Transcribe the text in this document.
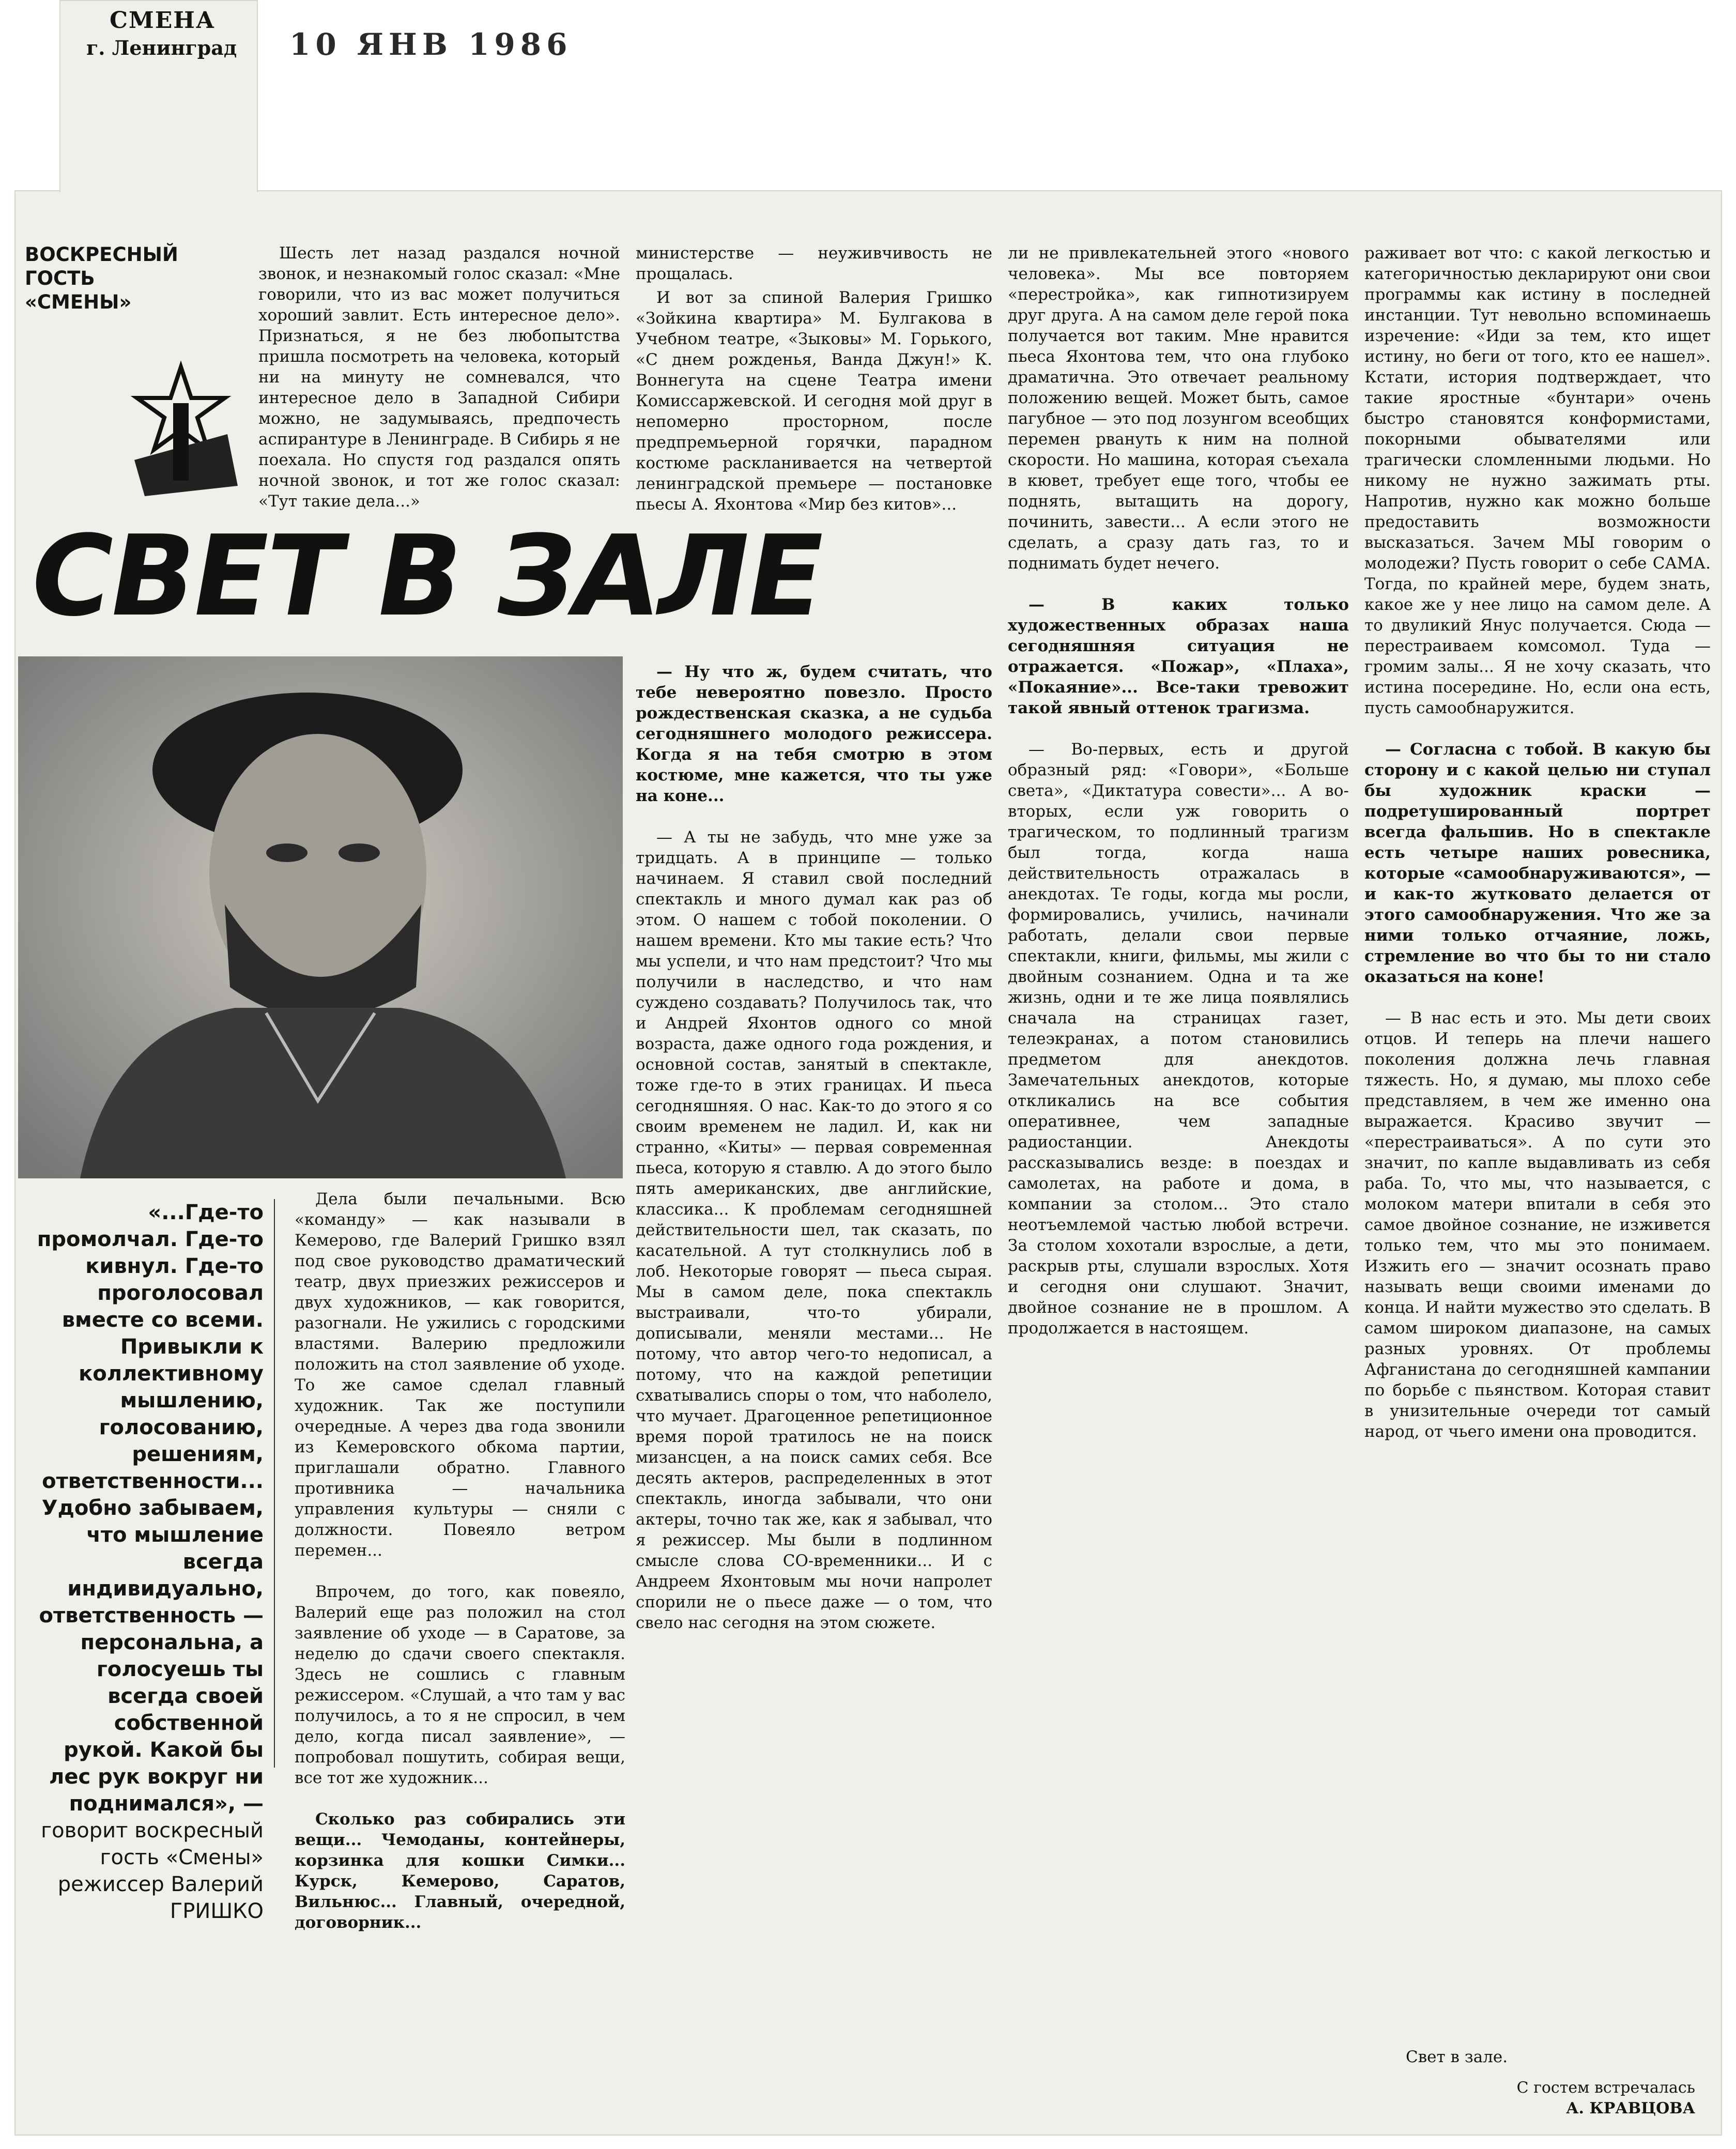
СМЕНА
г. Ленинград 10 ЯНВ 1986
ВОСКРЕСНЫЙ ГОСТЬ «СМЕНЫ»
СВЕТ В ЗАЛЕ

Шесть лет назад раздался ночной звонок, и незнакомый голос сказал: «Мне говорили, что из вас может получиться хороший завлит. Есть интересное дело». Признаться, я не без любопытства пришла посмотреть на человека, который ни на минуту не сомневался, что интересное дело в Западной Сибири можно, не задумываясь, предпочесть аспирантуре в Ленинграде. В Сибирь я не поехала. Но спустя год раздался опять ночной звонок, и тот же голос сказал: «Тут такие дела...»

министерстве — неуживчивость не прощалась.

И вот за спиной Валерия Гришко «Зойкина квартира» М. Булгакова в Учебном театре, «Зыковы» М. Горького, «С днем рожденья, Ванда Джун!» К. Воннегута на сцене Театра имени Комиссаржевской. И сегодня мой друг в непомерно просторном, после предпремьерной горячки, парадном костюме раскланивается на четвертой ленинградской премьере — постановке пьесы А. Яхонтова «Мир без китов»...

— Ну что ж, будем считать, что тебе невероятно повезло. Просто рождественская сказка, а не судьба сегодняшнего молодого режиссера. Когда я на тебя смотрю в этом костюме, мне кажется, что ты уже на коне...

— А ты не забудь, что мне уже за тридцать. А в принципе — только начинаем. Я ставил свой последний спектакль и много думал как раз об этом. О нашем с тобой поколении. О нашем времени. Кто мы такие есть? Что мы успели, и что нам предстоит? Что мы получили в наследство, и что нам суждено создавать? Получилось так, что и Андрей Яхонтов одного со мной возраста, даже одного года рождения, и основной состав, занятый в спектакле, тоже где-то в этих границах. И пьеса сегодняшняя. О нас. Как-то до этого я со своим временем не ладил. И, как ни странно, «Киты» — первая современная пьеса, которую я ставлю. А до этого было пять американских, две английские, классика... К проблемам сегодняшней действительности шел, так сказать, по касательной. А тут столкнулись лоб в лоб. Некоторые говорят — пьеса сырая. Мы в самом деле, пока спектакль выстраивали, что-то убирали, дописывали, меняли местами... Не потому, что автор чего-то недописал, а потому, что на каждой репетиции схватывались споры о том, что наболело, что мучает. Драгоценное репетиционное время порой тратилось не на поиск мизансцен, а на поиск самих себя. Все десять актеров, распределенных в этот спектакль, иногда забывали, что они актеры, точно так же, как я забывал, что я режиссер. Мы были в подлинном смысле слова СО-временники... И с Андреем Яхонтовым мы ночи напролет спорили не о пьесе даже — о том, что свело нас сегодня на этом сюжете.

ли не привлекательней этого «нового человека». Мы все повторяем «перестройка», как гипнотизируем друг друга. А на самом деле герой пока получается вот таким. Мне нравится пьеса Яхонтова тем, что она глубоко драматична. Это отвечает реальному положению вещей. Может быть, самое пагубное — это под лозунгом всеобщих перемен рвануть к ним на полной скорости. Но машина, которая съехала в кювет, требует еще того, чтобы ее поднять, вытащить на дорогу, починить, завести... А если этого не сделать, а сразу дать газ, то и поднимать будет нечего.

— В каких только художественных образах наша сегодняшняя ситуация не отражается. «Пожар», «Плаха», «Покаяние»... Все-таки тревожит такой явный оттенок трагизма.

— Во-первых, есть и другой образный ряд: «Говори», «Больше света», «Диктатура совести»... А во-вторых, если уж говорить о трагическом, то подлинный трагизм был тогда, когда наша действительность отражалась в анекдотах. Те годы, когда мы росли, формировались, учились, начинали работать, делали свои первые спектакли, книги, фильмы, мы жили с двойным сознанием. Одна и та же жизнь, одни и те же лица появлялись сначала на страницах газет, телеэкранах, а потом становились предметом для анекдотов. Замечательных анекдотов, которые откликались на все события оперативнее, чем западные радиостанции. Анекдоты рассказывались везде: в поездах и самолетах, на работе и дома, в компании за столом... Это стало неотъемлемой частью любой встречи. За столом хохотали взрослые, а дети, раскрыв рты, слушали взрослых. Хотя и сегодня они слушают. Значит, двойное сознание не в прошлом. А продолжается в настоящем.

раживает вот что: с какой легкостью и категоричностью декларируют они свои программы как истину в последней инстанции. Тут невольно вспоминаешь изречение: «Иди за тем, кто ищет истину, но беги от того, кто ее нашел». Кстати, история подтверждает, что такие яростные «бунтари» очень быстро становятся конформистами, покорными обывателями или трагически сломленными людьми. Но никому не нужно зажимать рты. Напротив, нужно как можно больше предоставить возможности высказаться. Зачем МЫ говорим о молодежи? Пусть говорит о себе САМА. Тогда, по крайней мере, будем знать, какое же у нее лицо на самом деле. А то двуликий Янус получается. Сюда — перестраиваем комсомол. Туда — громим залы... Я не хочу сказать, что истина посередине. Но, если она есть, пусть самообнаружится.

— Согласна с тобой. В какую бы сторону и с какой целью ни ступал бы художник краски — подретушированный портрет всегда фальшив. Но в спектакле есть четыре наших ровесника, которые «самообнаруживаются», — и как-то жутковато делается от этого самообнаружения. Что же за ними только отчаяние, ложь, стремление во что бы то ни стало оказаться на коне!

— В нас есть и это. Мы дети своих отцов. И теперь на плечи нашего поколения должна лечь главная тяжесть. Но, я думаю, мы плохо себе представляем, в чем же именно она выражается. Красиво звучит — «перестраиваться». А по сути это значит, по капле выдавливать из себя раба. То, что мы, что называется, с молоком матери впитали в себя это самое двойное сознание, не изживется только тем, что мы это понимаем. Изжить его — значит осознать право называть вещи своими именами до конца. И найти мужество это сделать. В самом широком диапазоне, на самых разных уровнях. От проблемы Афганистана до сегодняшней кампании по борьбе с пьянством. Которая ставит в унизительные очереди тот самый народ, от чьего имени она проводится.

«...Где-то промолчал. Где-то кивнул. Где-то проголосовал вместе со всеми. Привыкли к коллективному мышлению, голосованию, решениям, ответственности... Удобно забываем, что мышление всегда индивидуально, ответственность — персональна, а голосуешь ты всегда своей собственной рукой. Какой бы лес рук вокруг ни поднимался», —
говорит воскресный гость «Смены» режиссер Валерий ГРИШКО

Дела были печальными. Всю «команду» — как называли в Кемерово, где Валерий Гришко взял под свое руководство драматический театр, двух приезжих режиссеров и двух художников, — как говорится, разогнали. Не ужились с городскими властями. Валерию предложили положить на стол заявление об уходе. То же самое сделал главный художник. Так же поступили очередные. А через два года звонили из Кемеровского обкома партии, приглашали обратно. Главного противника — начальника управления культуры — сняли с должности. Повеяло ветром перемен...

Впрочем, до того, как повеяло, Валерий еще раз положил на стол заявление об уходе — в Саратове, за неделю до сдачи своего спектакля. Здесь не сошлись с главным режиссером. «Слушай, а что там у вас получилось, а то я не спросил, в чем дело, когда писал заявление», — попробовал пошутить, собирая вещи, все тот же художник...

Сколько раз собирались эти вещи... Чемоданы, контейнеры, корзинка для кошки Симки... Курск, Кемерово, Саратов, Вильнюс... Главный, очередной, договорник...

Свет в зале.

С гостем встречалась
А. КРАВЦОВА
